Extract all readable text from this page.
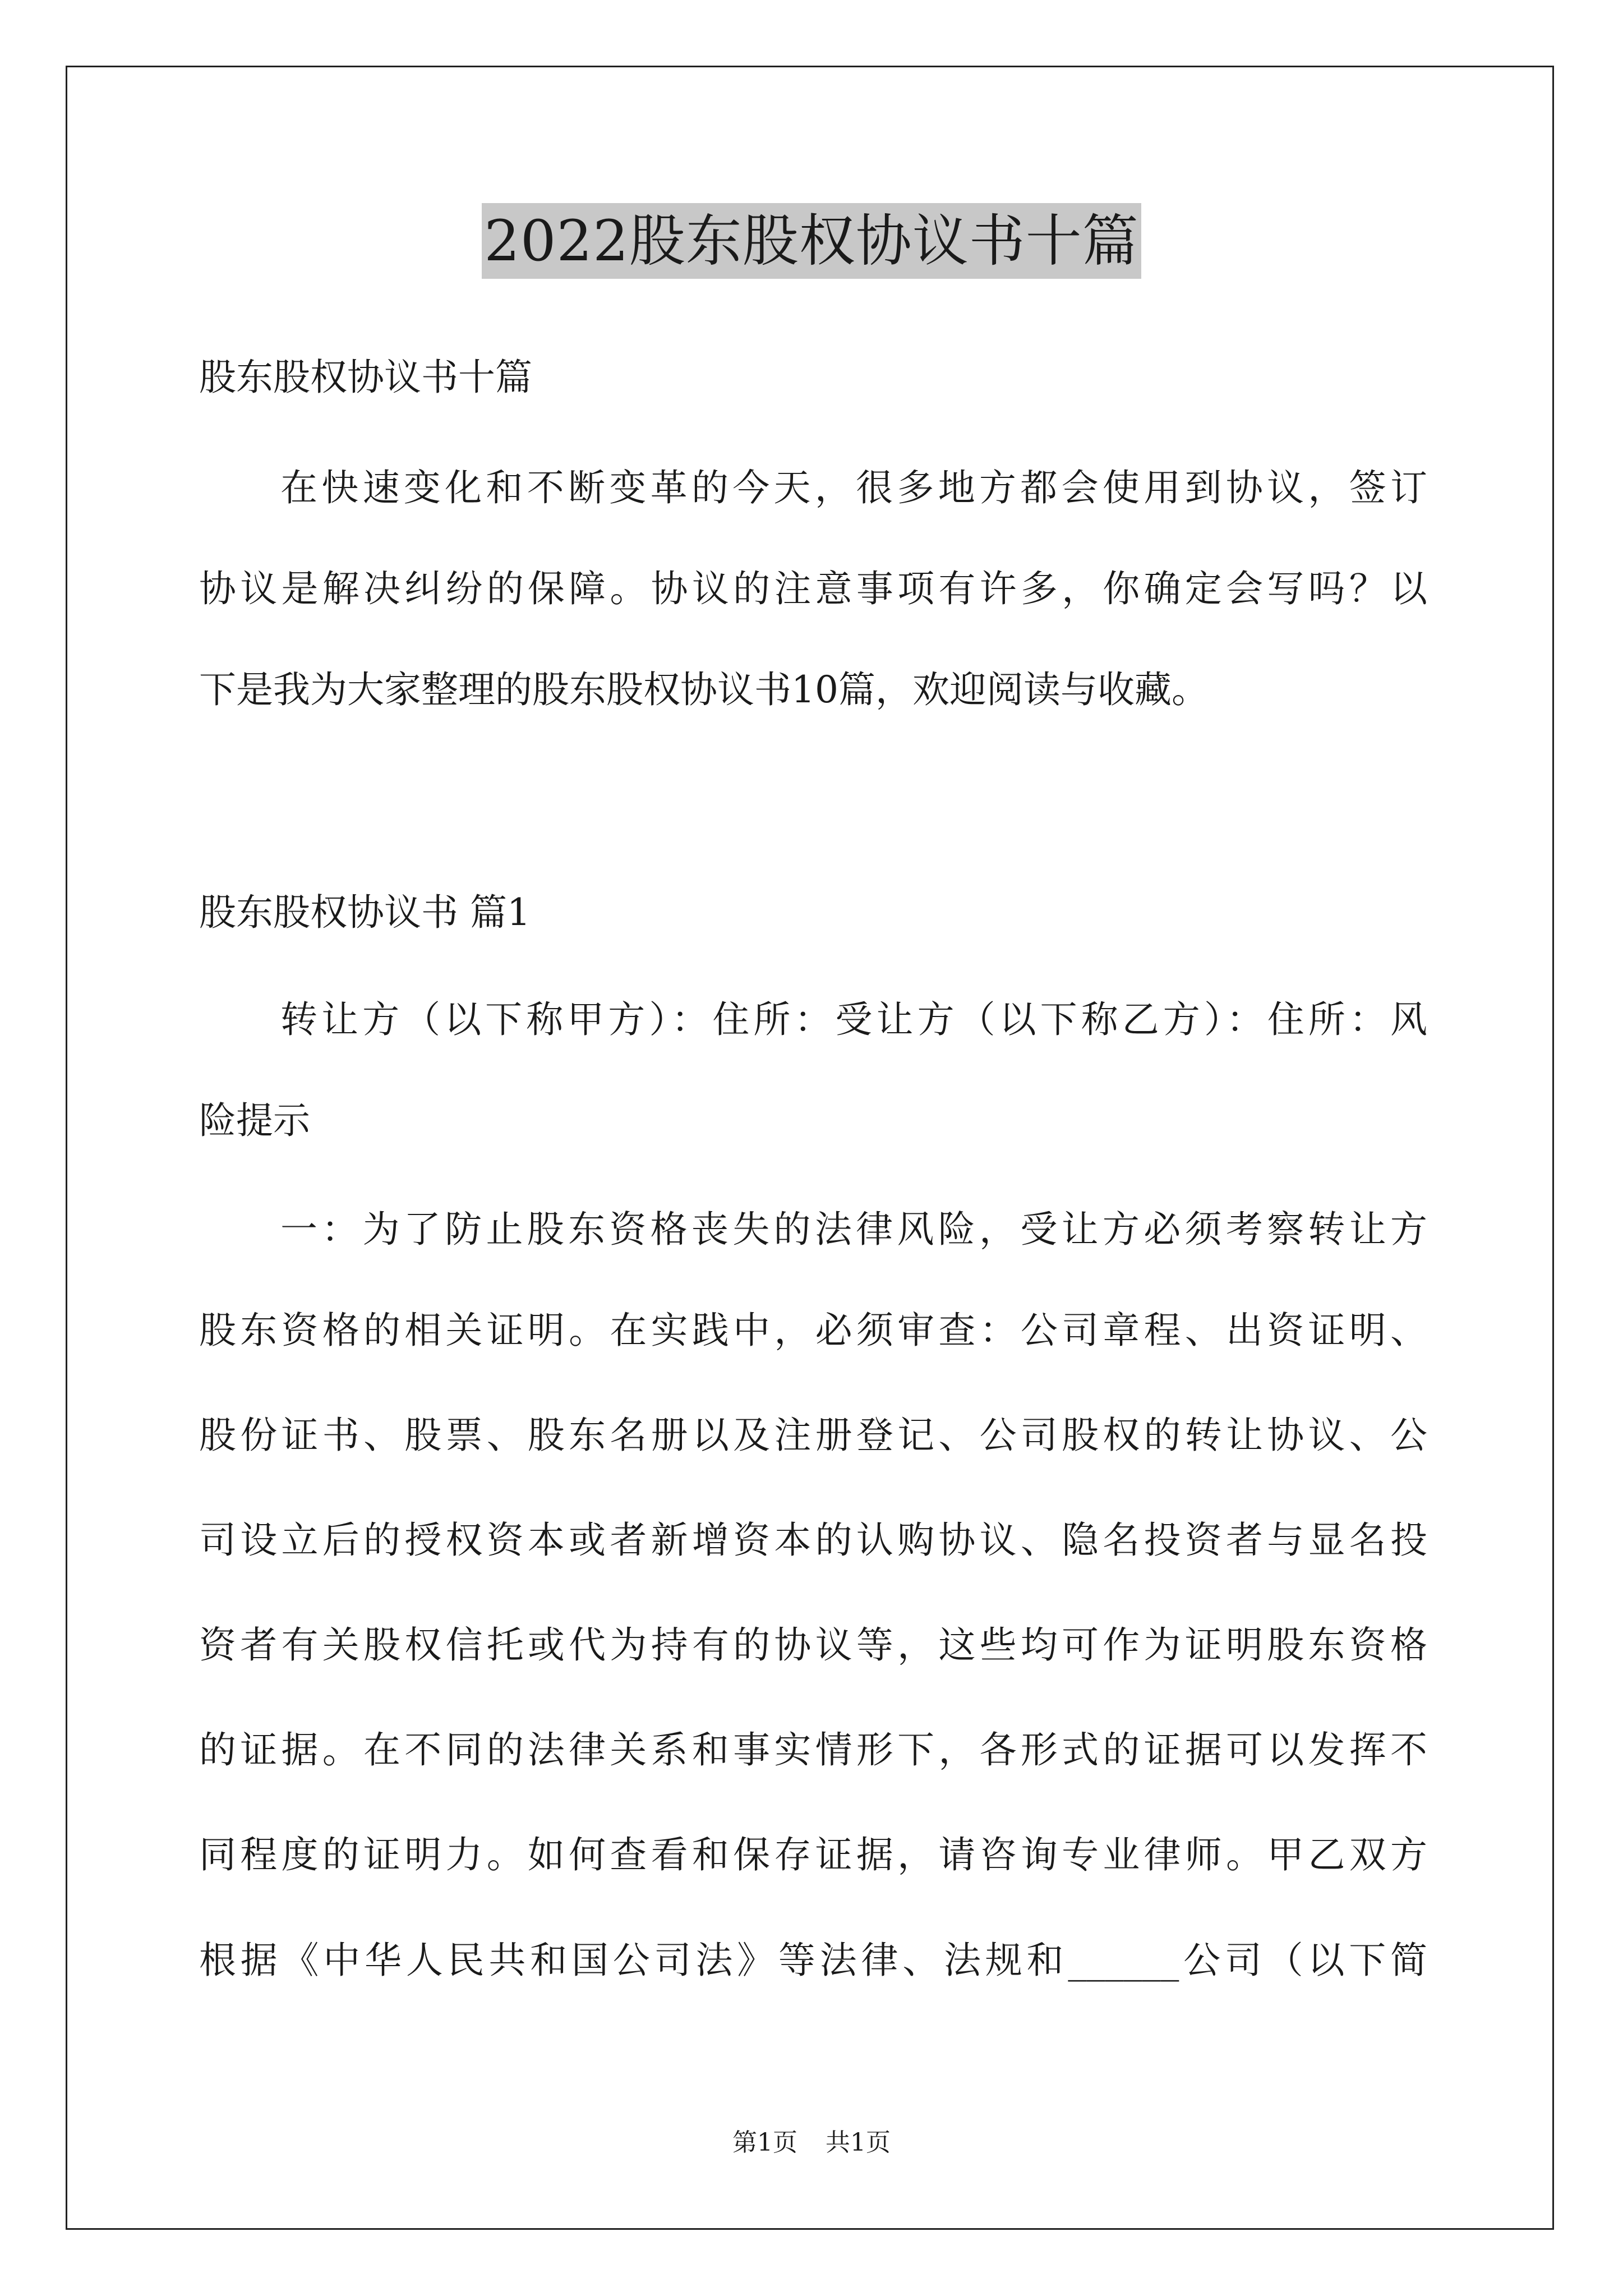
2022股东股权协议书十篇
股东股权协议书十篇
在快速变化和不断变革的今天，很多地方都会使用到协议，签订
协议是解决纠纷的保障。协议的注意事项有许多，你确定会写吗？以
下是我为大家整理的股东股权协议书10篇，欢迎阅读与收藏。
股东股权协议书 篇1
转让方（以下称甲方）：住所：受让方（以下称乙方）：住所：风
险提示
一：为了防止股东资格丧失的法律风险，受让方必须考察转让方
股东资格的相关证明。在实践中，必须审查：公司章程、出资证明、
股份证书、股票、股东名册以及注册登记、公司股权的转让协议、公
司设立后的授权资本或者新增资本的认购协议、隐名投资者与显名投
资者有关股权信托或代为持有的协议等，这些均可作为证明股东资格
的证据。在不同的法律关系和事实情形下，各形式的证据可以发挥不
同程度的证明力。如何查看和保存证据，请咨询专业律师。甲乙双方
根据《中华人民共和国公司法》等法律、法规和______公司（以下简
第1页 共1页
